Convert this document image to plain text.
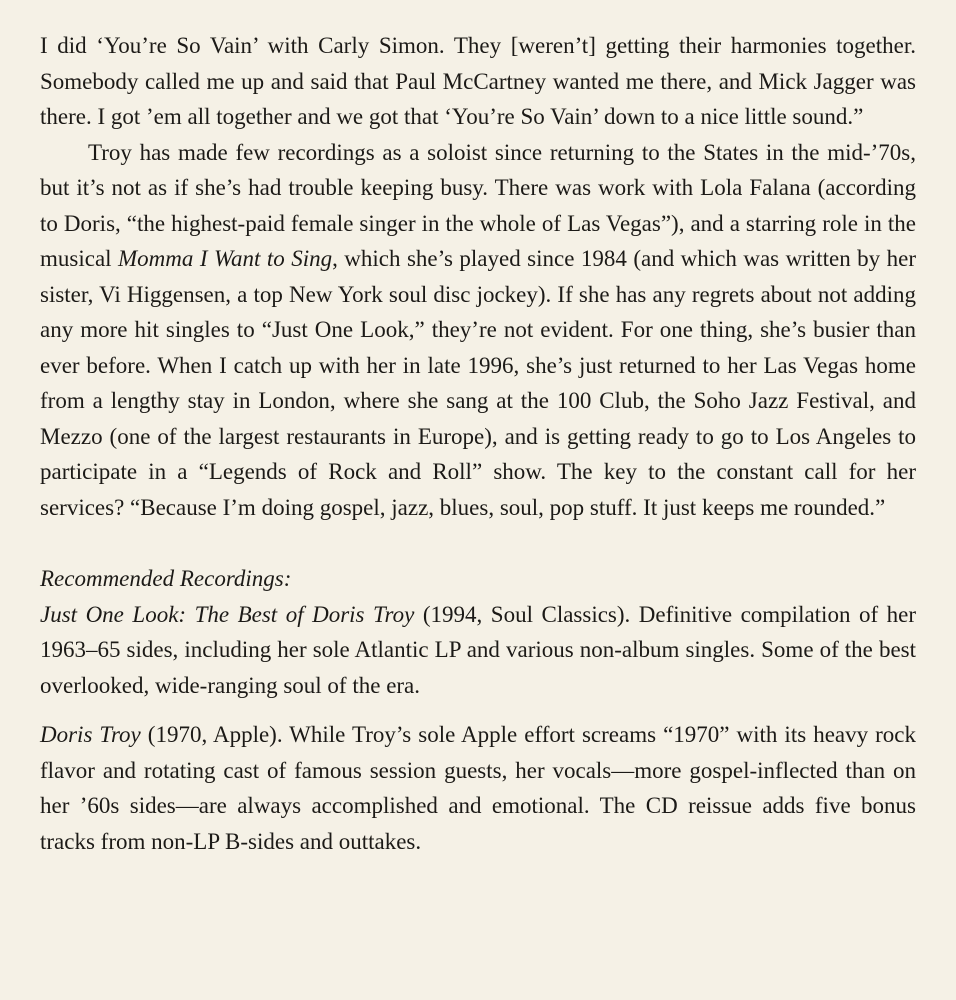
I did ‘You’re So Vain’ with Carly Simon. They [weren’t] getting their harmonies together. Somebody called me up and said that Paul McCartney wanted me there, and Mick Jagger was there. I got ’em all together and we got that ‘You’re So Vain’ down to a nice little sound.”

Troy has made few recordings as a soloist since returning to the States in the mid-’70s, but it’s not as if she’s had trouble keeping busy. There was work with Lola Falana (according to Doris, “the highest-paid female singer in the whole of Las Vegas”), and a starring role in the musical Momma I Want to Sing, which she’s played since 1984 (and which was written by her sister, Vi Higgensen, a top New York soul disc jockey). If she has any regrets about not adding any more hit singles to “Just One Look,” they’re not evident. For one thing, she’s busier than ever before. When I catch up with her in late 1996, she’s just returned to her Las Vegas home from a lengthy stay in London, where she sang at the 100 Club, the Soho Jazz Festival, and Mezzo (one of the largest restaurants in Europe), and is getting ready to go to Los Angeles to participate in a “Legends of Rock and Roll” show. The key to the constant call for her services? “Because I’m doing gospel, jazz, blues, soul, pop stuff. It just keeps me rounded.”

Recommended Recordings:

Just One Look: The Best of Doris Troy (1994, Soul Classics). Definitive compilation of her 1963–65 sides, including her sole Atlantic LP and various non-album singles. Some of the best overlooked, wide-ranging soul of the era.

Doris Troy (1970, Apple). While Troy’s sole Apple effort screams “1970” with its heavy rock flavor and rotating cast of famous session guests, her vocals—more gospel-inflected than on her ’60s sides—are always accomplished and emotional. The CD reissue adds five bonus tracks from non-LP B-sides and outtakes.
